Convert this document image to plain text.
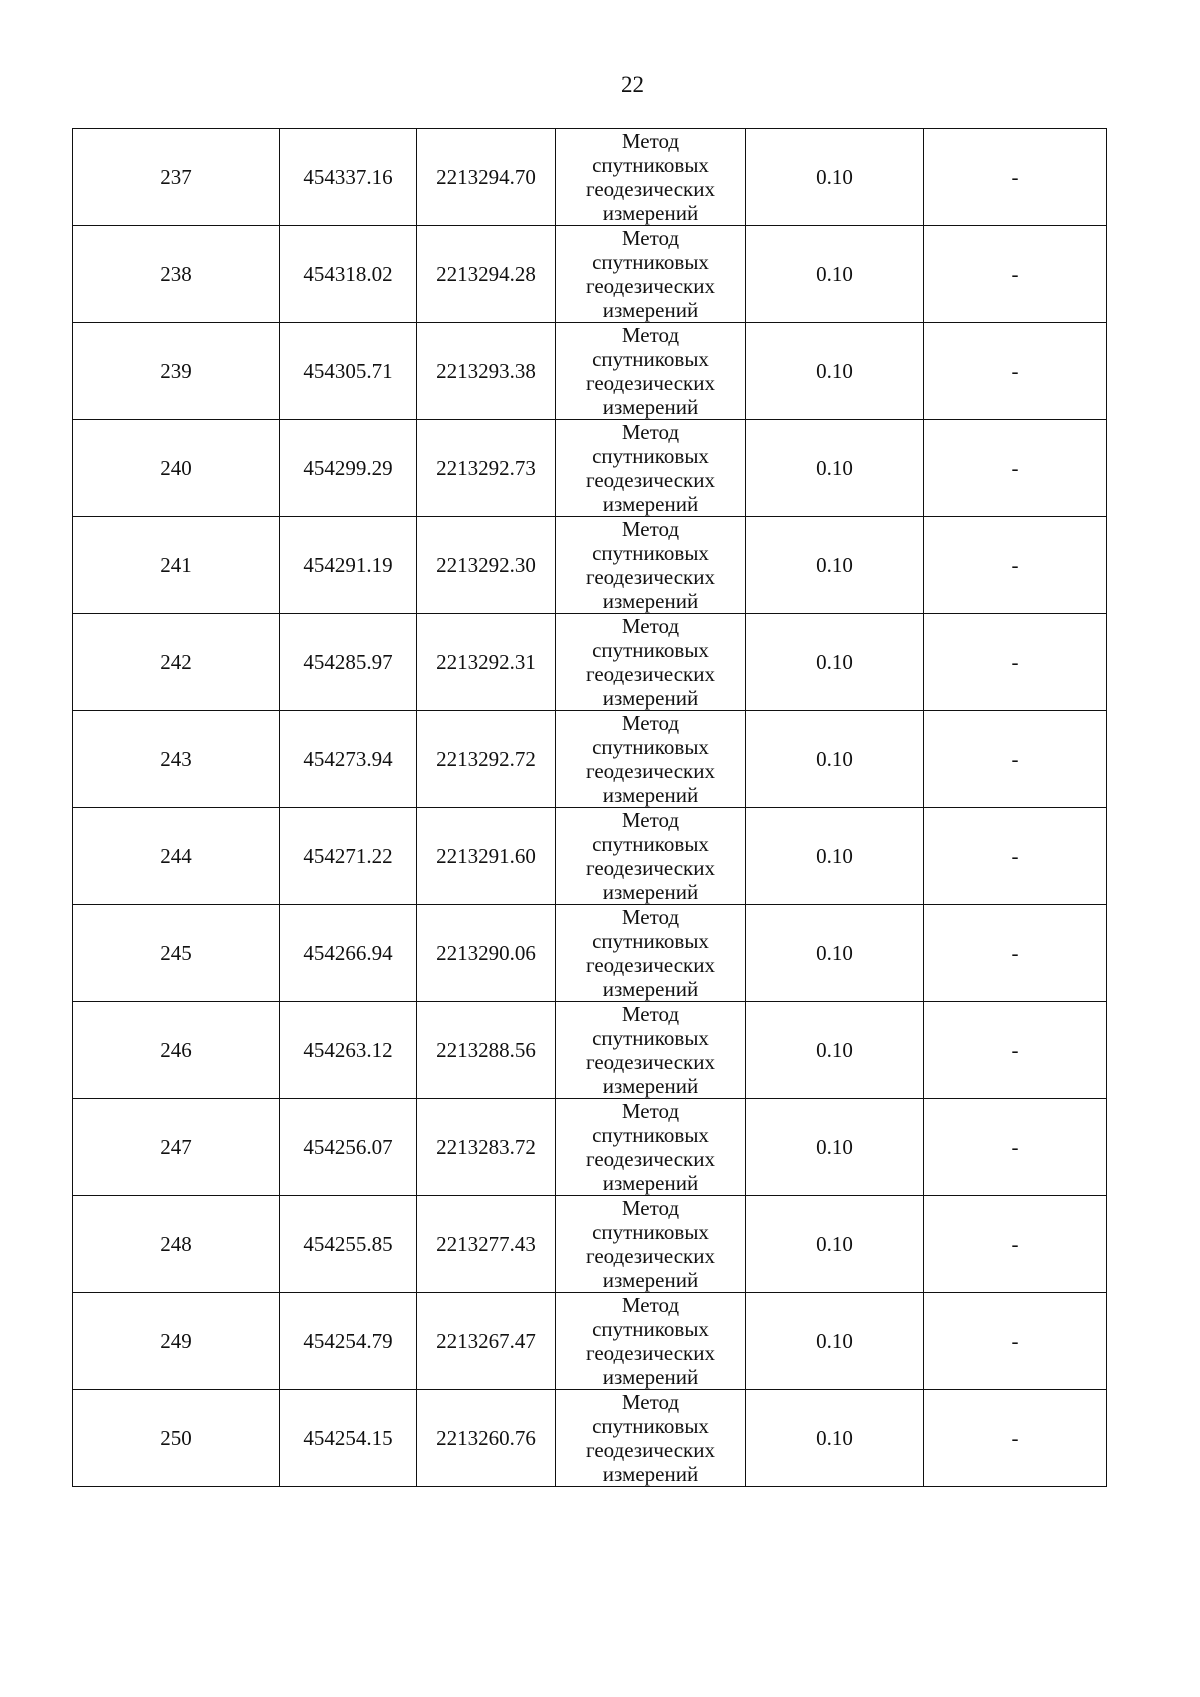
22
237	454337.16	2213294.70	Метод
спутниковых
геодезических
измерений	0.10	-
238	454318.02	2213294.28	Метод
спутниковых
геодезических
измерений	0.10	-
239	454305.71	2213293.38	Метод
спутниковых
геодезических
измерений	0.10	-
240	454299.29	2213292.73	Метод
спутниковых
геодезических
измерений	0.10	-
241	454291.19	2213292.30	Метод
спутниковых
геодезических
измерений	0.10	-
242	454285.97	2213292.31	Метод
спутниковых
геодезических
измерений	0.10	-
243	454273.94	2213292.72	Метод
спутниковых
геодезических
измерений	0.10	-
244	454271.22	2213291.60	Метод
спутниковых
геодезических
измерений	0.10	-
245	454266.94	2213290.06	Метод
спутниковых
геодезических
измерений	0.10	-
246	454263.12	2213288.56	Метод
спутниковых
геодезических
измерений	0.10	-
247	454256.07	2213283.72	Метод
спутниковых
геодезических
измерений	0.10	-
248	454255.85	2213277.43	Метод
спутниковых
геодезических
измерений	0.10	-
249	454254.79	2213267.47	Метод
спутниковых
геодезических
измерений	0.10	-
250	454254.15	2213260.76	Метод
спутниковых
геодезических
измерений	0.10	-
